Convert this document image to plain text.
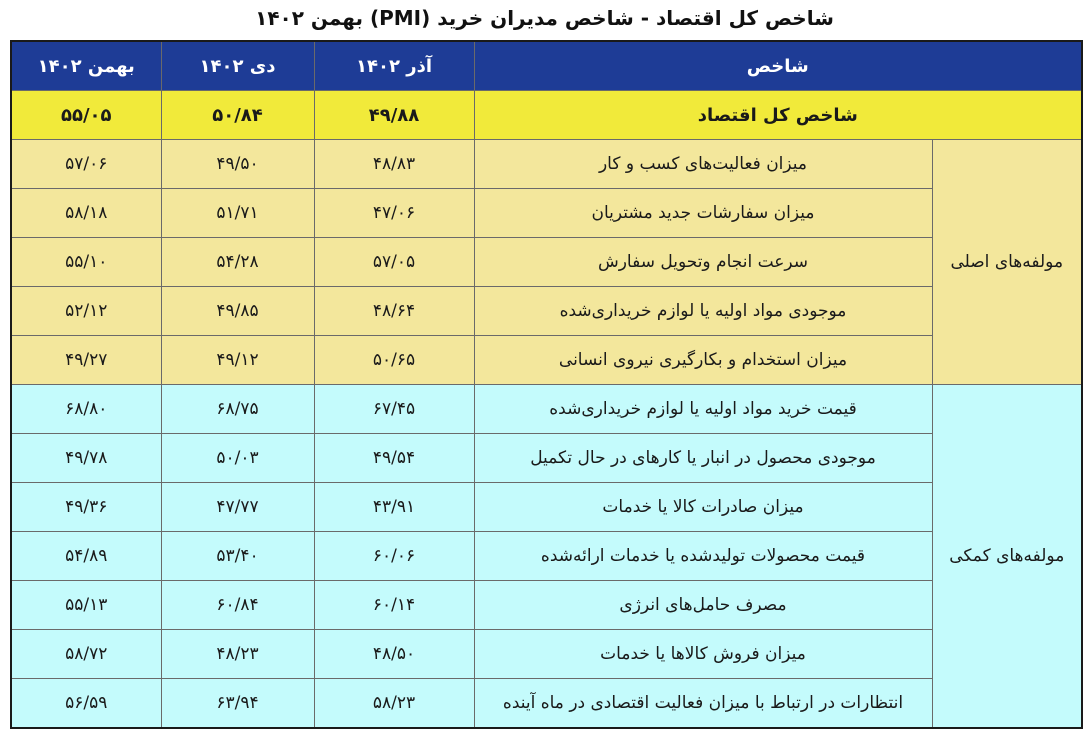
شاخص کل اقتصاد - شاخص مدیران خرید (PMI) بهمن ۱۴۰۲
شاخص		آذر ۱۴۰۲	دی ۱۴۰۲	بهمن ۱۴۰۲
شاخص کل اقتصاد		۴۹/۸۸	۵۰/۸۴	۵۵/۰۵
مولفه‌های اصلی	میزان فعالیت‌های کسب و کار	۴۸/۸۳	۴۹/۵۰	۵۷/۰۶
	میزان سفارشات جدید مشتریان	۴۷/۰۶	۵۱/۷۱	۵۸/۱۸
	سرعت انجام وتحویل سفارش	۵۷/۰۵	۵۴/۲۸	۵۵/۱۰
	موجودی مواد اولیه یا لوازم خریداری‌شده	۴۸/۶۴	۴۹/۸۵	۵۲/۱۲
	میزان استخدام و بکارگیری نیروی انسانی	۵۰/۶۵	۴۹/۱۲	۴۹/۲۷
مولفه‌های کمکی	قیمت خرید مواد اولیه یا لوازم خریداری‌شده	۶۷/۴۵	۶۸/۷۵	۶۸/۸۰
	موجودی محصول در انبار یا کارهای در حال تکمیل	۴۹/۵۴	۵۰/۰۳	۴۹/۷۸
	میزان صادرات کالا یا خدمات	۴۳/۹۱	۴۷/۷۷	۴۹/۳۶
	قیمت محصولات تولیدشده یا خدمات ارائه‌شده	۶۰/۰۶	۵۳/۴۰	۵۴/۸۹
	مصرف حامل‌های انرژی	۶۰/۱۴	۶۰/۸۴	۵۵/۱۳
	میزان فروش کالاها یا خدمات	۴۸/۵۰	۴۸/۲۳	۵۸/۷۲
	انتظارات در ارتباط با میزان فعالیت اقتصادی در ماه آینده	۵۸/۲۳	۶۳/۹۴	۵۶/۵۹
